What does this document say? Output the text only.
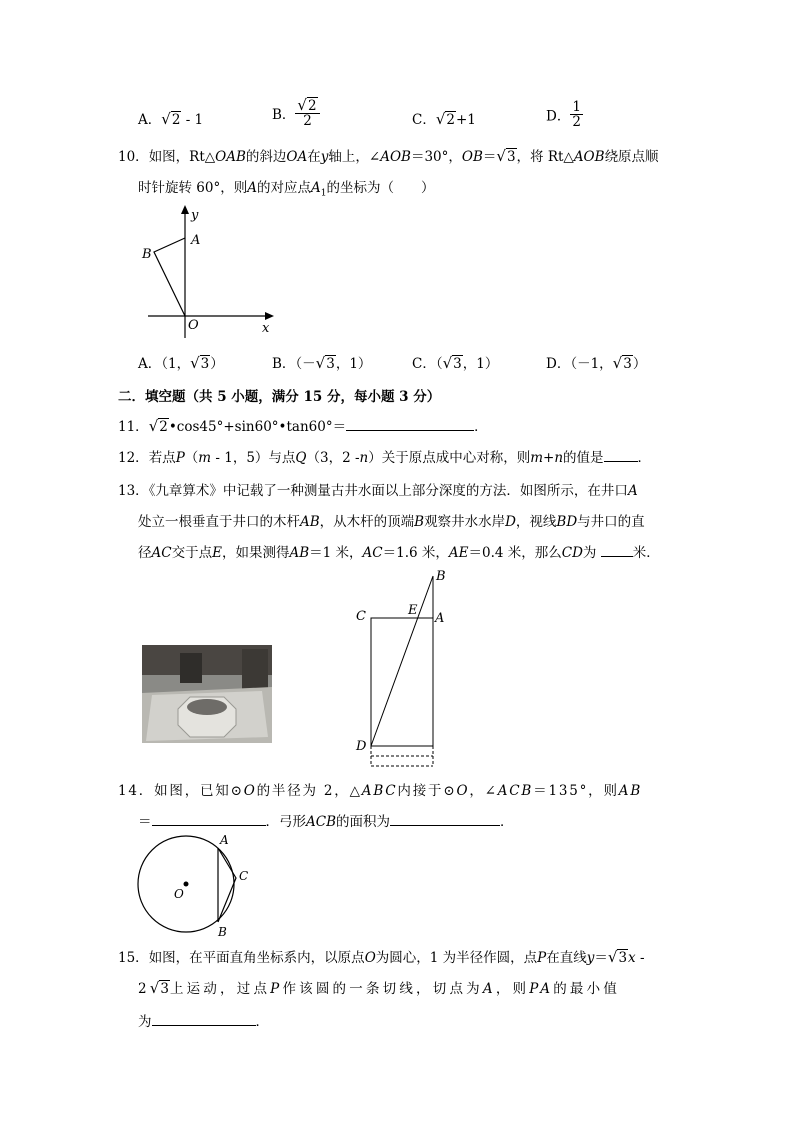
A．√2 - 1	B． $\frac{√2}{2}$	C．√2+1	D． $\frac{1}{2}$
10．如图，Rt△OAB的斜边OA在y轴上，∠AOB＝30°，OB＝√3，将 Rt△AOB绕原点顺
时针旋转 60°，则A的对应点$A_1$的坐标为（　　）
y
A
B
O	x
A．（1，√3）	B．（－√3，1）	C．（√3，1）	D．（－1，√3）
二．填空题（共 5 小题，满分 15 分，每小题 3 分）
11．√2•cos45°+sin60°•tan60°＝	．
12．若点P（m - 1，5）与点Q（3，2 -n）关于原点成中心对称，则m+n的值是	．
13．《九章算术》中记载了一种测量古井水面以上部分深度的方法．如图所示，在井口A
处立一根垂直于井口的木杆AB，从木杆的顶端B观察井水水岸D，视线BD与井口的直
径AC交于点E，如果测得AB＝1 米，AC＝1.6 米，AE＝0.4 米，那么CD为	米．
B
C	E
A
D
14．如图，已知⊙O的半径为 2，△ABC内接于⊙O，∠ACB＝135°，则AB
＝	．弓形ACB的面积为	．
A
C
O
B
15．如图，在平面直角坐标系内，以原点O为圆心，1 为半径作圆，点P在直线y＝√3x -
2√3上运动，过点P作该圆的一条切线，切点为A，则PA的最小值
为	．
